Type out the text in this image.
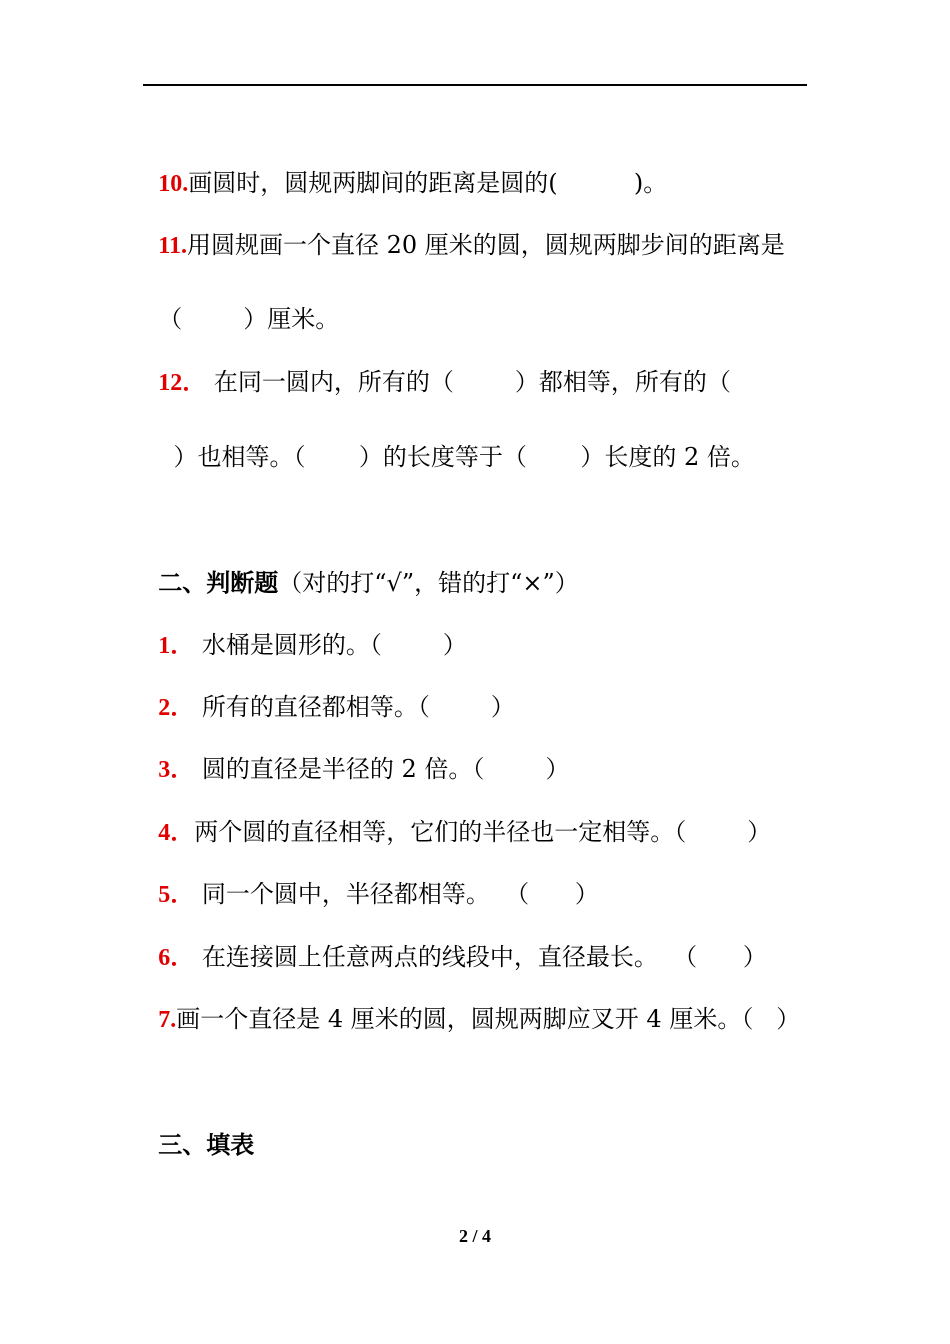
10.画圆时，圆规两脚间的距离是圆的(          )。

11.用圆规画一个直径 20 厘米的圆，圆规两脚步间的距离是

（        ）厘米。

12． 在同一圆内，所有的（        ）都相等，所有的（

）也相等。（       ）的长度等于（       ）长度的 2 倍。

二、判断题（对的打“√”，错的打“×”）

1． 水桶是圆形的。（        ）

2． 所有的直径都相等。（        ）

3． 圆的直径是半径的 2 倍。（        ）

4．两个圆的直径相等，它们的半径也一定相等。（        ）

5． 同一个圆中，半径都相等。  （      ）

6． 在连接圆上任意两点的线段中，直径最长。  （      ）

7.画一个直径是 4 厘米的圆，圆规两脚应叉开 4 厘米。（   ）

三、填表

2 / 4
